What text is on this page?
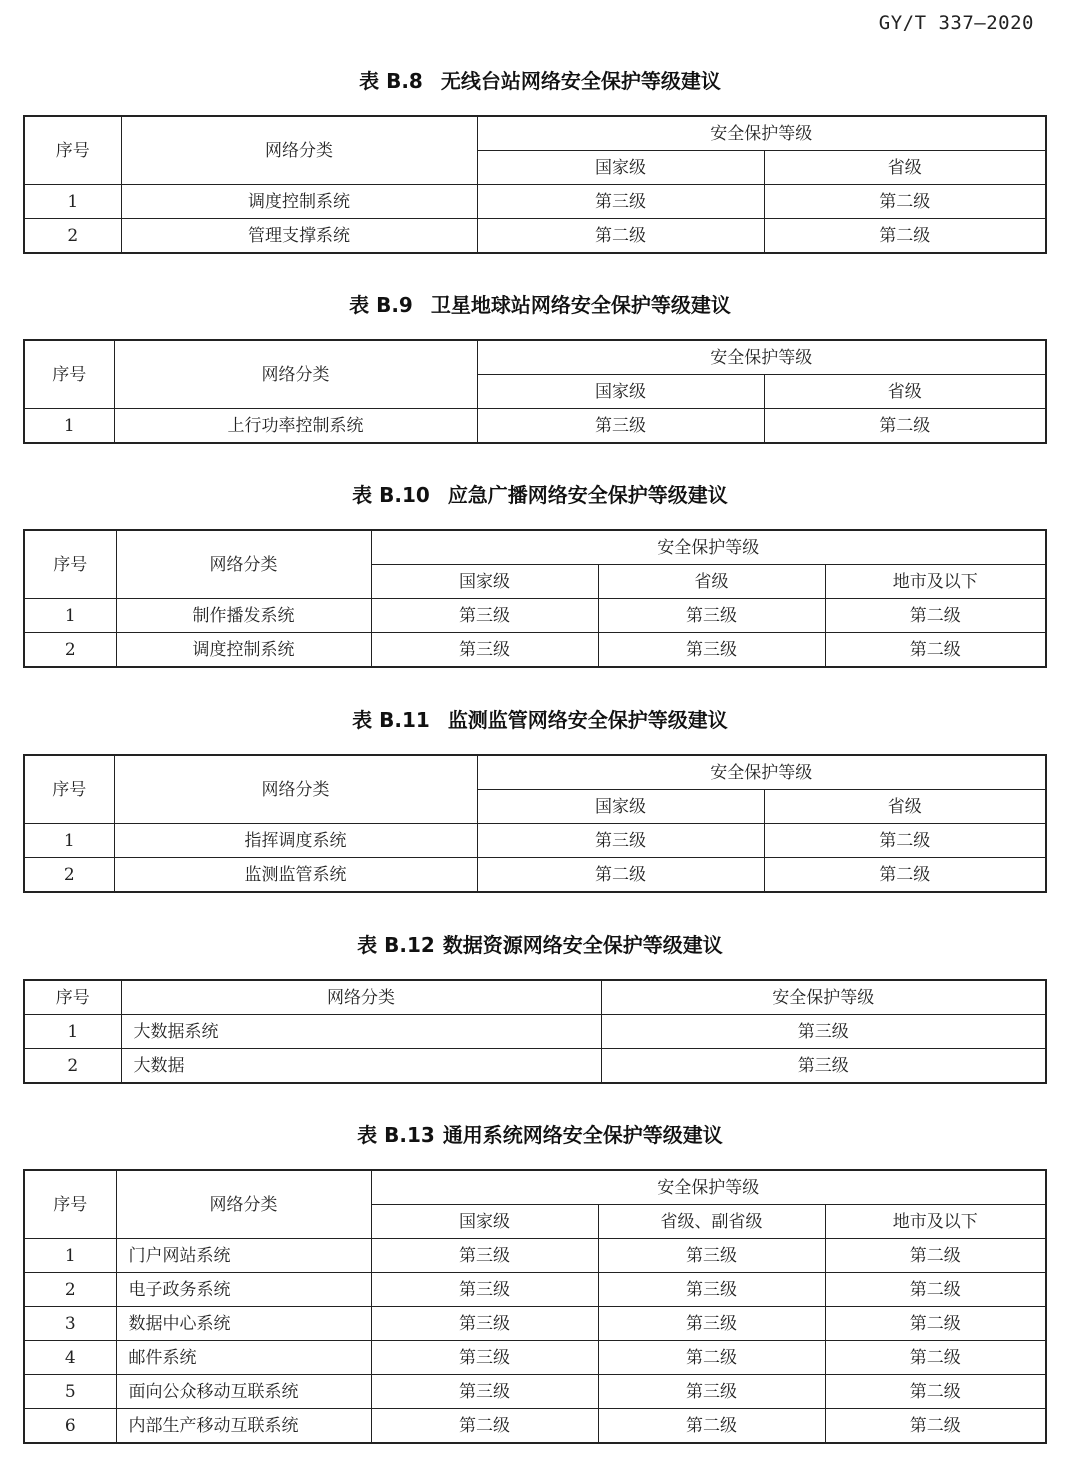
GY/T 337—2020
表 B.8 无线台站网络安全保护等级建议
序号	网络分类	安全保护等级	
		国家级	省级
1	调度控制系统	第三级	第二级
2	管理支撑系统	第二级	第二级
表 B.9 卫星地球站网络安全保护等级建议
序号	网络分类	安全保护等级	
		国家级	省级
1	上行功率控制系统	第三级	第二级
表 B.10 应急广播网络安全保护等级建议
序号	网络分类	安全保护等级		
		国家级	省级	地市及以下
1	制作播发系统	第三级	第三级	第二级
2	调度控制系统	第三级	第三级	第二级
表 B.11 监测监管网络安全保护等级建议
序号	网络分类	安全保护等级	
		国家级	省级
1	指挥调度系统	第三级	第二级
2	监测监管系统	第二级	第二级
表 B.12 数据资源网络安全保护等级建议
序号	网络分类	安全保护等级
1	大数据系统	第三级
2	大数据	第三级
表 B.13 通用系统网络安全保护等级建议
序号	网络分类	安全保护等级		
		国家级	省级、副省级	地市及以下
1	门户网站系统	第三级	第三级	第二级
2	电子政务系统	第三级	第三级	第二级
3	数据中心系统	第三级	第三级	第二级
4	邮件系统	第三级	第二级	第二级
5	面向公众移动互联系统	第三级	第三级	第二级
6	内部生产移动互联系统	第二级	第二级	第二级
